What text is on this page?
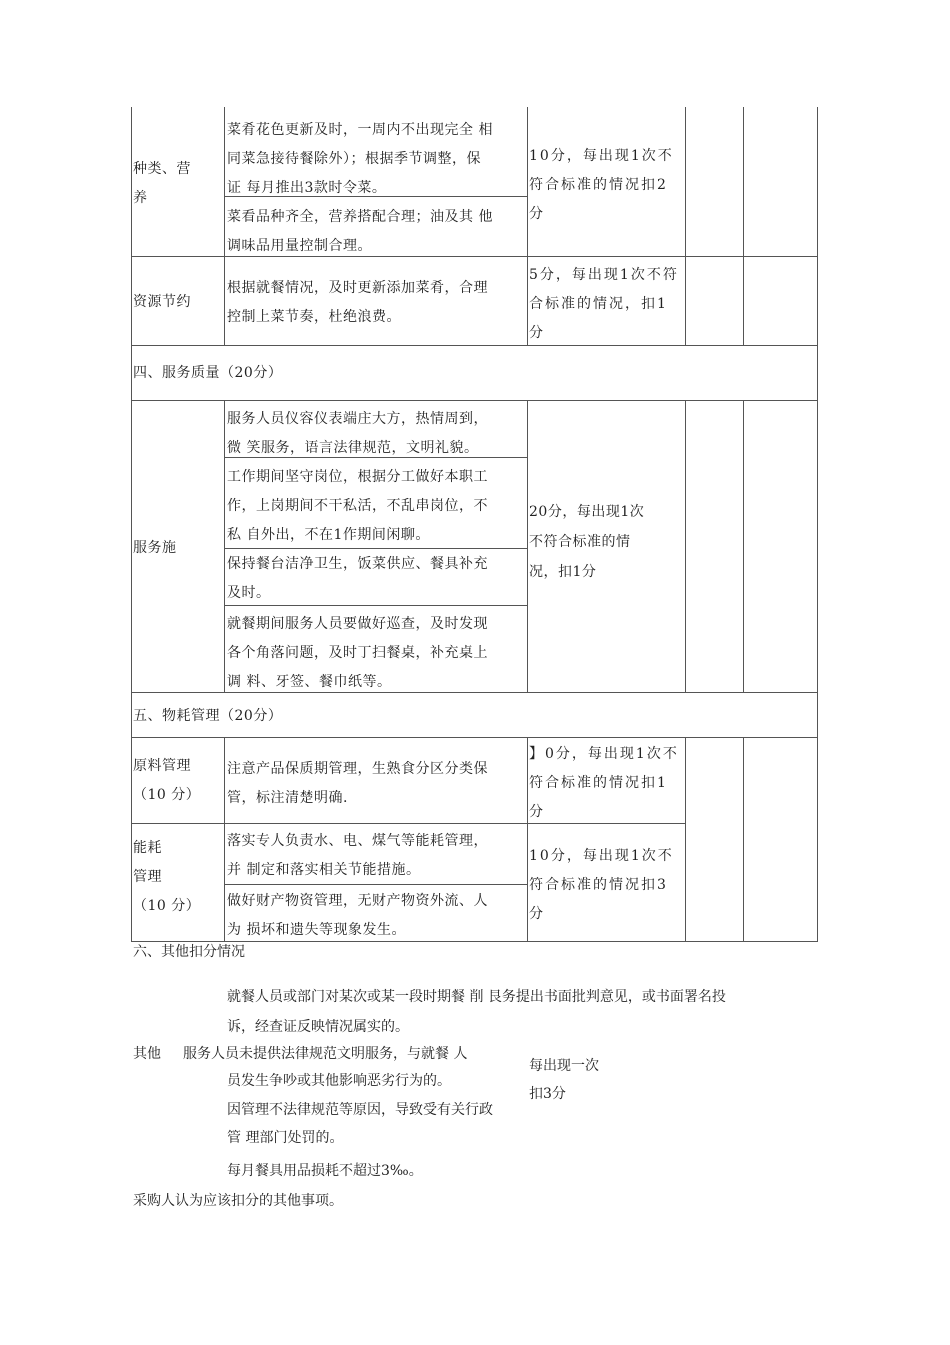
种类、营
养
菜肴花色更新及时，一周内不出现完全 相
同菜急接待餐除外）；根据季节调整，保
证 每月推出3款时令菜。
菜看品种齐全，营养搭配合理；油及其 他
调味品用量控制合理。
10分，每出现1次不
符合标准的情况扣2
分
资源节约
根据就餐情况，及时更新添加菜肴，合理
控制上菜节奏，杜绝浪费。
5分，每出现1次不符
合标准的情况，扣1
分
四、服务质量（20分）
服务施
服务人员仪容仪表端庄大方，热情周到，
微 笑服务，语言法律规范，文明礼貌。
工作期间坚守岗位，根据分工做好本职工
作，上岗期间不干私活，不乱串岗位，不
私 自外出，不在1作期间闲聊。
保持餐台洁净卫生，饭菜供应、餐具补充
及时。
就餐期间服务人员要做好巡查，及时发现
各个角落问题，及时丁扫餐桌，补充桌上
调 料、牙签、餐巾纸等。
20分，每出现1次
不符合标准的情
况，扣1分
五、物耗管理（20分）
原料管理
（10 分）
注意产品保质期管理，生熟食分区分类保
管，标注清楚明确.
】0分，每出现1次不
符合标准的情况扣1
分
能耗
管理
（10 分）
落实专人负责水、电、煤气等能耗管理，
并 制定和落实相关节能措施。
做好财产物资管理，无财产物资外流、人
为 损坏和遗失等现象发生。
10分，每出现1次不
符合标准的情况扣3
分
六、其他扣分情况
就餐人员或部门对某次或某一段时期餐 削 艮务提出书面批判意见，或书面署名投
诉，经查证反映情况属实的。
其他 服务人员未提供法律规范文明服务，与就餐 人
员发生争吵或其他影响恶劣行为的。
因管理不法律规范等原因，导致受有关行政
管 理部门处罚的。
每月餐具用品损耗不超过3‰。
每出现一次
扣3分
采购人认为应该扣分的其他事项。
